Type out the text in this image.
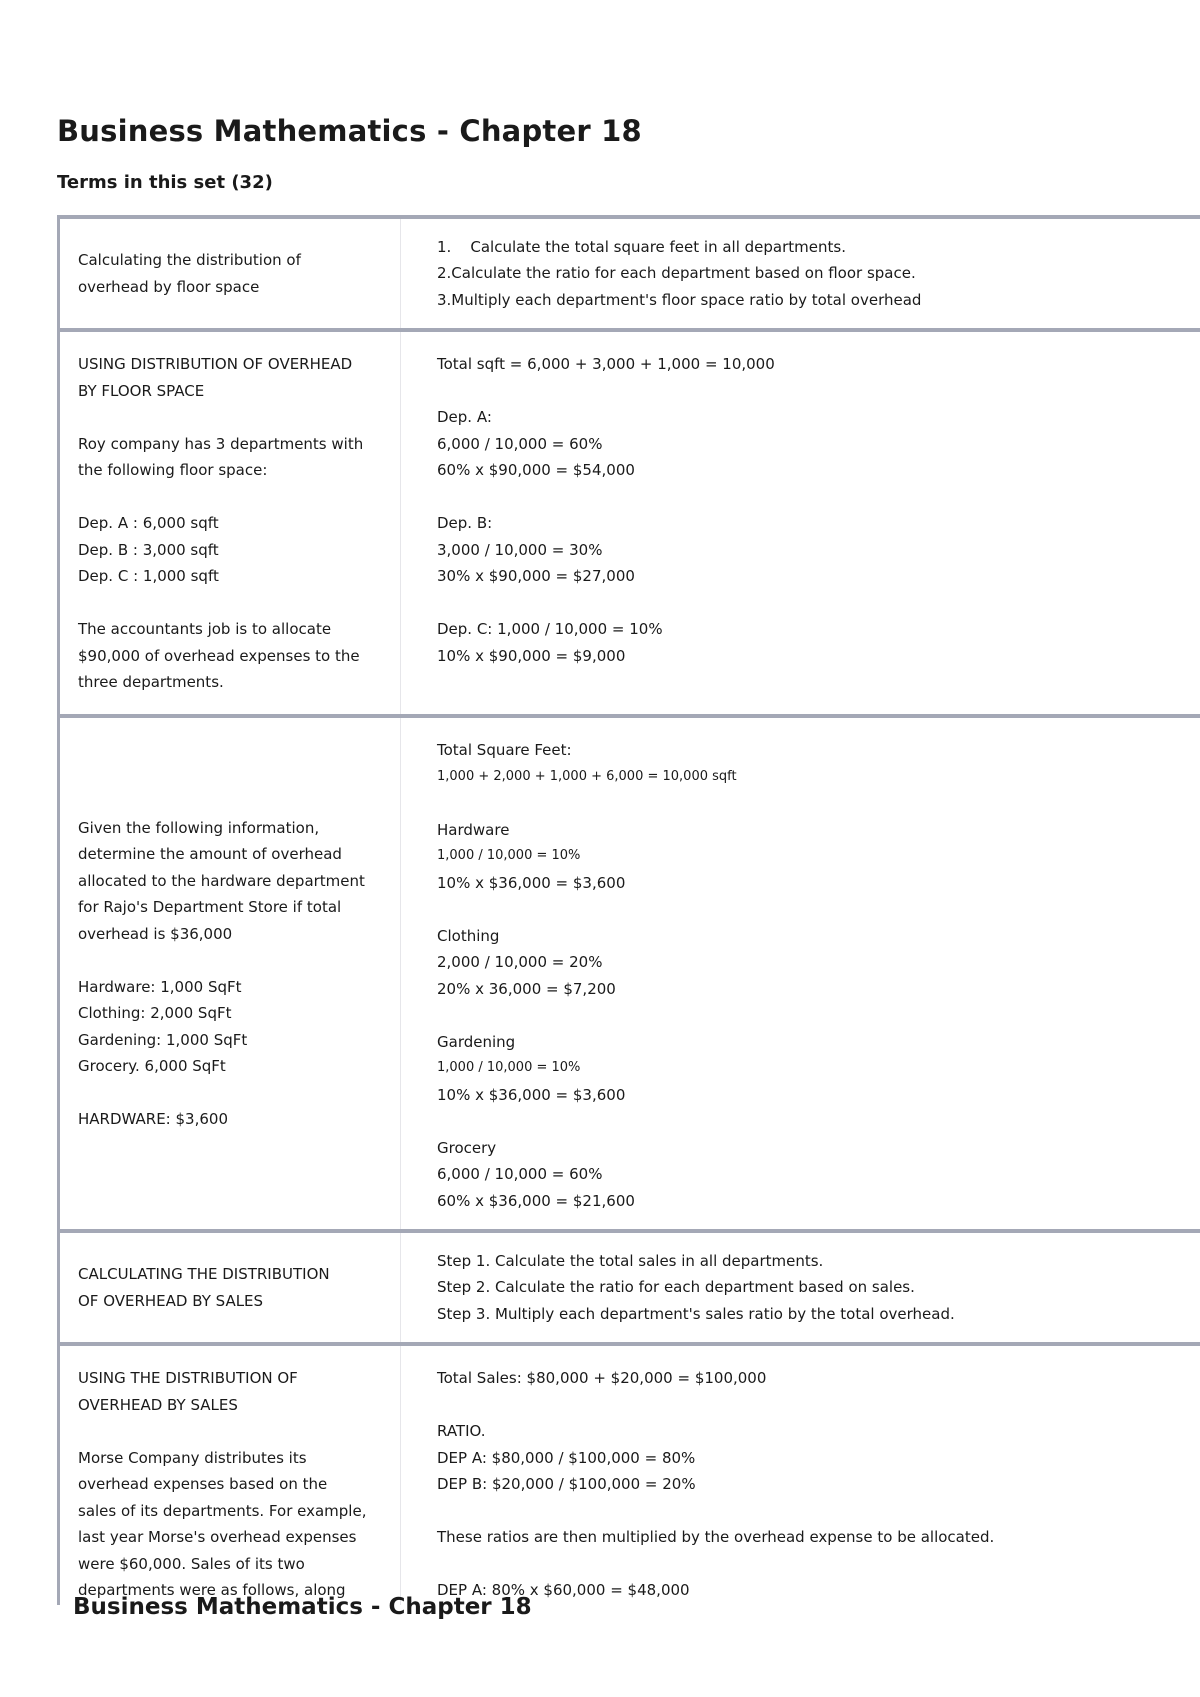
Business Mathematics - Chapter 18
Terms in this set (32)
Calculating the distribution of
overhead by floor space
1.    Calculate the total square feet in all departments.
2.Calculate the ratio for each department based on floor space.
3.Multiply each department's floor space ratio by total overhead
USING DISTRIBUTION OF OVERHEAD
BY FLOOR SPACE
Roy company has 3 departments with
the following floor space:
Dep. A : 6,000 sqft
Dep. B : 3,000 sqft
Dep. C : 1,000 sqft
The accountants job is to allocate
$90,000 of overhead expenses to the
three departments.
Total sqft = 6,000 + 3,000 + 1,000 = 10,000
Dep. A:
6,000 / 10,000 = 60%
60% x $90,000 = $54,000
Dep. B:
3,000 / 10,000 = 30%
30% x $90,000 = $27,000
Dep. C: 1,000 / 10,000 = 10%
10% x $90,000 = $9,000
Given the following information,
determine the amount of overhead
allocated to the hardware department
for Rajo's Department Store if total
overhead is $36,000
Hardware: 1,000 SqFt
Clothing: 2,000 SqFt
Gardening: 1,000 SqFt
Grocery. 6,000 SqFt
HARDWARE: $3,600
Total Square Feet:
1,000 + 2,000 + 1,000 + 6,000 = 10,000 sqft
Hardware
1,000 / 10,000 = 10%
10% x $36,000 = $3,600
Clothing
2,000 / 10,000 = 20%
20% x 36,000 = $7,200
Gardening
1,000 / 10,000 = 10%
10% x $36,000 = $3,600
Grocery
6,000 / 10,000 = 60%
60% x $36,000 = $21,600
CALCULATING THE DISTRIBUTION
OF OVERHEAD BY SALES
Step 1. Calculate the total sales in all departments.
Step 2. Calculate the ratio for each department based on sales.
Step 3. Multiply each department's sales ratio by the total overhead.
USING THE DISTRIBUTION OF
OVERHEAD BY SALES
Morse Company distributes its
overhead expenses based on the
sales of its departments. For example,
last year Morse's overhead expenses
were $60,000. Sales of its two
departments were as follows, along
Total Sales: $80,000 + $20,000 = $100,000
RATIO.
DEP A: $80,000 / $100,000 = 80%
DEP B: $20,000 / $100,000 = 20%
These ratios are then multiplied by the overhead expense to be allocated.
DEP A: 80% x $60,000 = $48,000
Business Mathematics - Chapter 18
